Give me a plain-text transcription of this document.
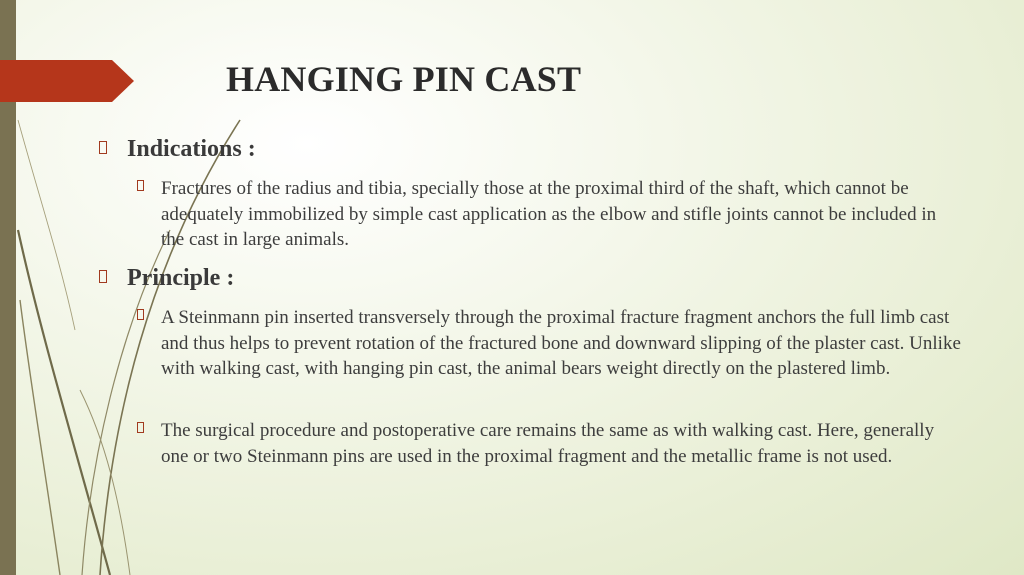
HANGING PIN CAST
Indications :
Fractures of the radius and tibia, specially those at the proximal third of the shaft, which cannot be adequately immobilized by simple cast application as the elbow and stifle joints cannot be included in the cast in large animals.
Principle :
A Steinmann pin inserted transversely through the proximal fracture fragment anchors the full limb cast and thus helps to prevent rotation of the fractured bone and downward slipping of the plaster cast. Unlike with walking cast, with hanging pin cast, the animal bears weight directly on the plastered limb.
The surgical procedure and postoperative care remains the same as with walking cast. Here, generally one or two Steinmann pins are used in the proximal fragment and the metallic frame is not used.
